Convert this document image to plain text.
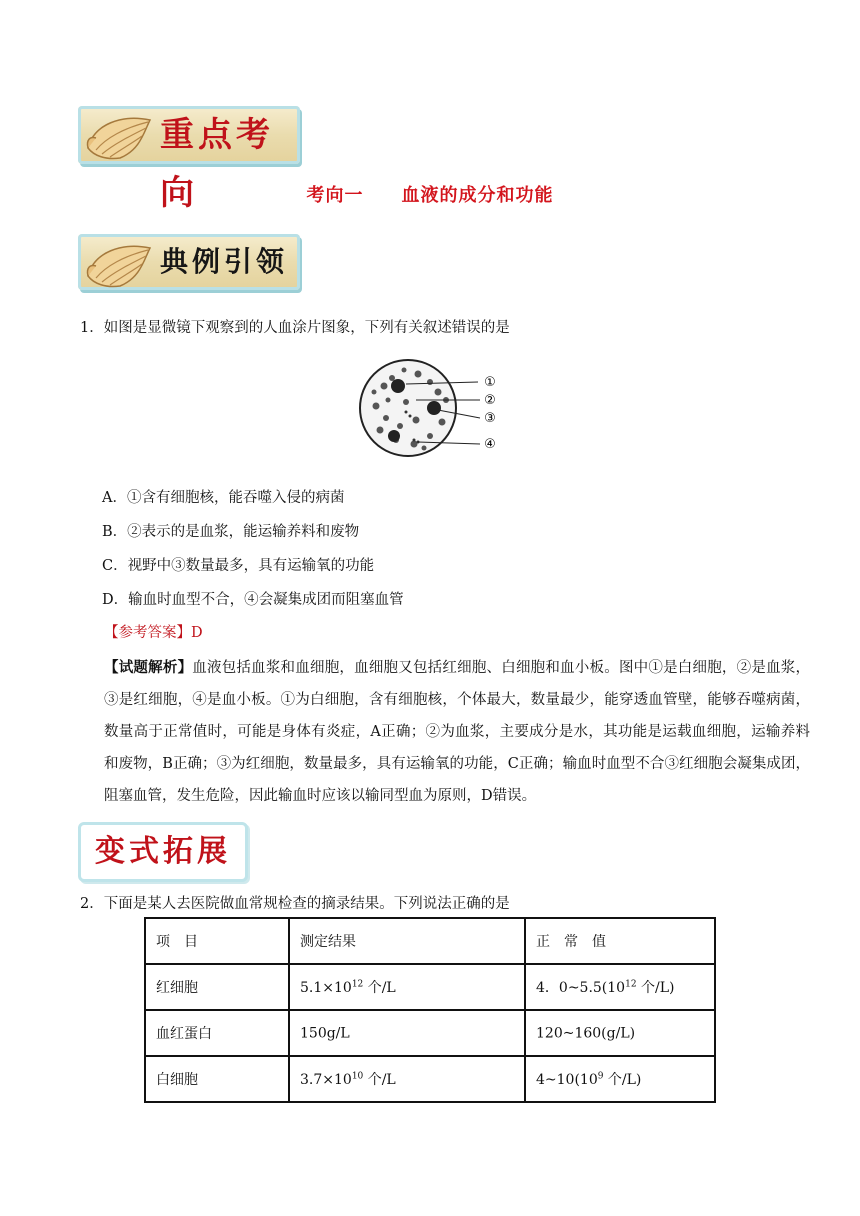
重点考向	考向一　　血液的成分和功能
典例引领
1．如图是显微镜下观察到的人血涂片图象，下列有关叙述错误的是
①
②
③
④
A．①含有细胞核，能吞噬入侵的病菌
B．②表示的是血浆，能运输养料和废物
C．视野中③数量最多，具有运输氧的功能
D．输血时血型不合，④会凝集成团而阻塞血管
【参考答案】D
【试题解析】血液包括血浆和血细胞，血细胞又包括红细胞、白细胞和血小板。图中①是白细胞，②是血浆，③是红细胞，④是血小板。①为白细胞，含有细胞核，个体最大，数量最少，能穿透血管壁，能够吞噬病菌，数量高于正常值时，可能是身体有炎症，A正确；②为血浆，主要成分是水，其功能是运载血细胞，运输养料和废物，B正确；③为红细胞，数量最多，具有运输氧的功能，C正确；输血时血型不合③红细胞会凝集成团，阻塞血管，发生危险，因此输血时应该以输同型血为原则，D错误。
变式拓展
2．下面是某人去医院做血常规检查的摘录结果。下列说法正确的是
项　目	测定结果	正　常　值
红细胞	$5.1\times 10^{12}$ 个/L	4．$0\sim 5.5(10^{12}$ 个/L)
血红蛋白	150g/L	120~160(g/L)
白细胞	$3.7\times 10^{10}$ 个/L	$4\sim 10(10^9$ 个/L)
